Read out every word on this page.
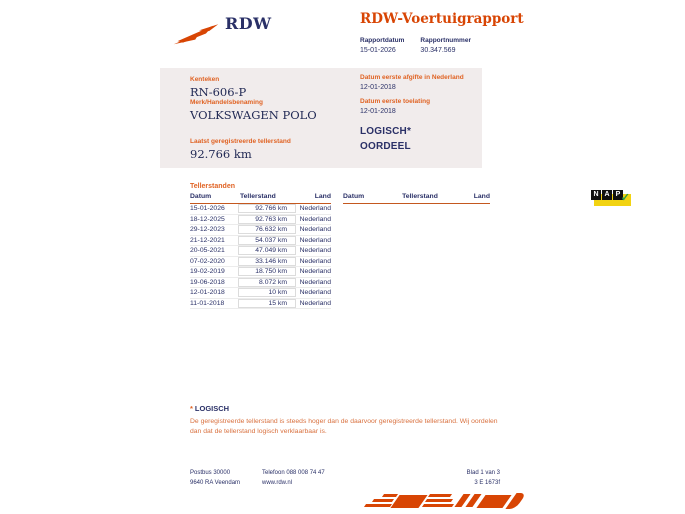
RDW	RDW-Voertuigrapport
Rapportdatum
15-01-2026
Rapportnummer
30.347.569
Kenteken
RN-606-P
Merk/Handelsbenaming
VOLKSWAGEN POLO
Laatst geregistreerde tellerstand
92.766 km
Datum eerste afgifte in Nederland
12-01-2018
Datum eerste toelating
12-01-2018
LOGISCH*
OORDEEL
N A P ✓
Tellerstanden
Datum	Tellerstand	Land
15-01-2026	92.766 km	Nederland
18-12-2025	92.763 km	Nederland
29-12-2023	76.632 km	Nederland
21-12-2021	54.037 km	Nederland
20-05-2021	47.049 km	Nederland
07-02-2020	33.146 km	Nederland
19-02-2019	18.750 km	Nederland
19-06-2018	8.072 km	Nederland
12-01-2018	10 km	Nederland
11-01-2018	15 km	Nederland
Datum	Tellerstand	Land
* LOGISCH
De geregistreerde tellerstand is steeds hoger dan de daarvoor geregistreerde tellerstand. Wij oordelen dan dat de tellerstand logisch verklaarbaar is.
Postbus 30000
9640 RA Veendam
Telefoon 088 008 74 47
www.rdw.nl
Blad 1 van 3
3 E 1673f
